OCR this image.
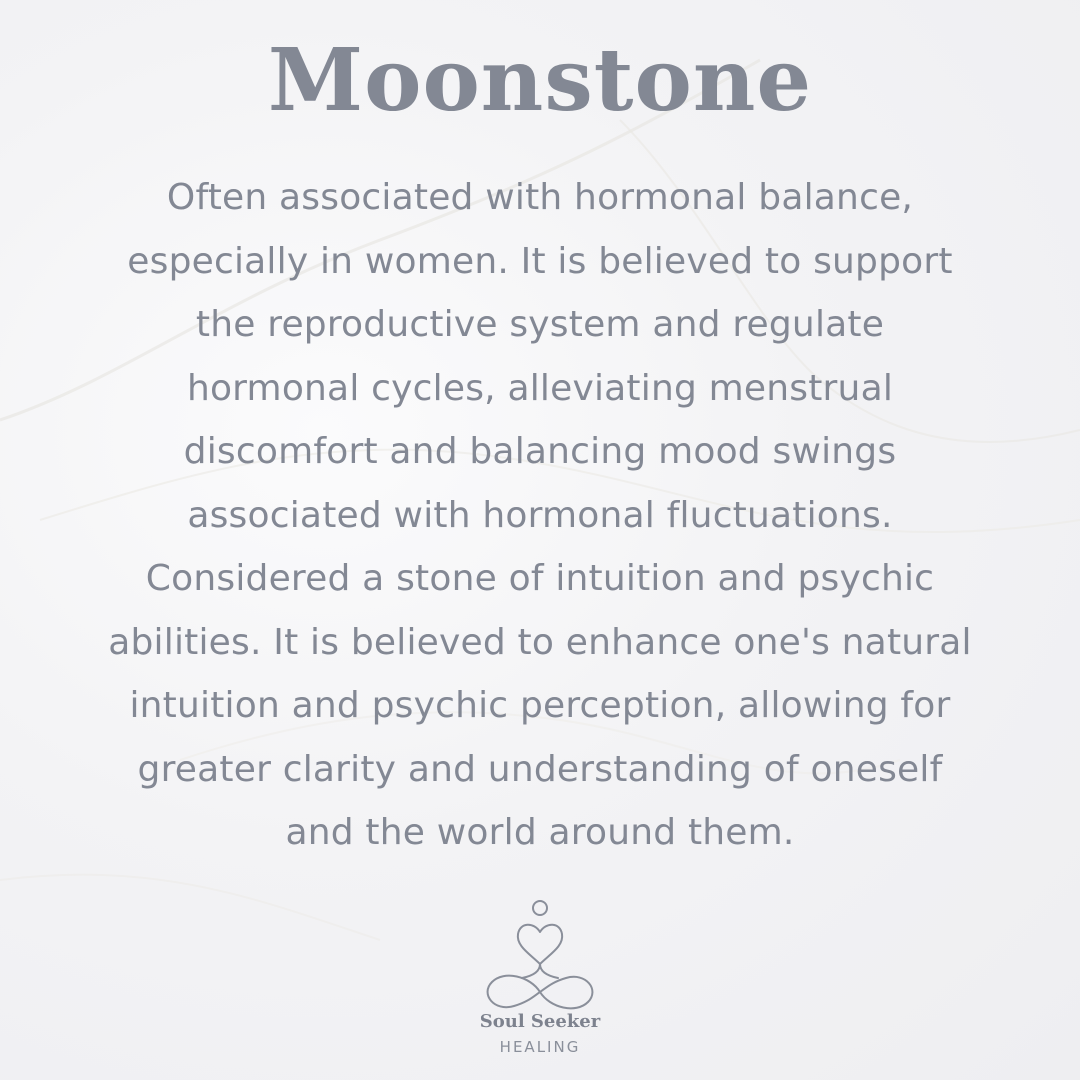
Moonstone

Often associated with hormonal balance,
especially in women. It is believed to support
the reproductive system and regulate
hormonal cycles, alleviating menstrual
discomfort and balancing mood swings
associated with hormonal fluctuations.
Considered a stone of intuition and psychic
abilities. It is believed to enhance one's natural
intuition and psychic perception, allowing for
greater clarity and understanding of oneself
and the world around them.

Soul Seeker
HEALING
